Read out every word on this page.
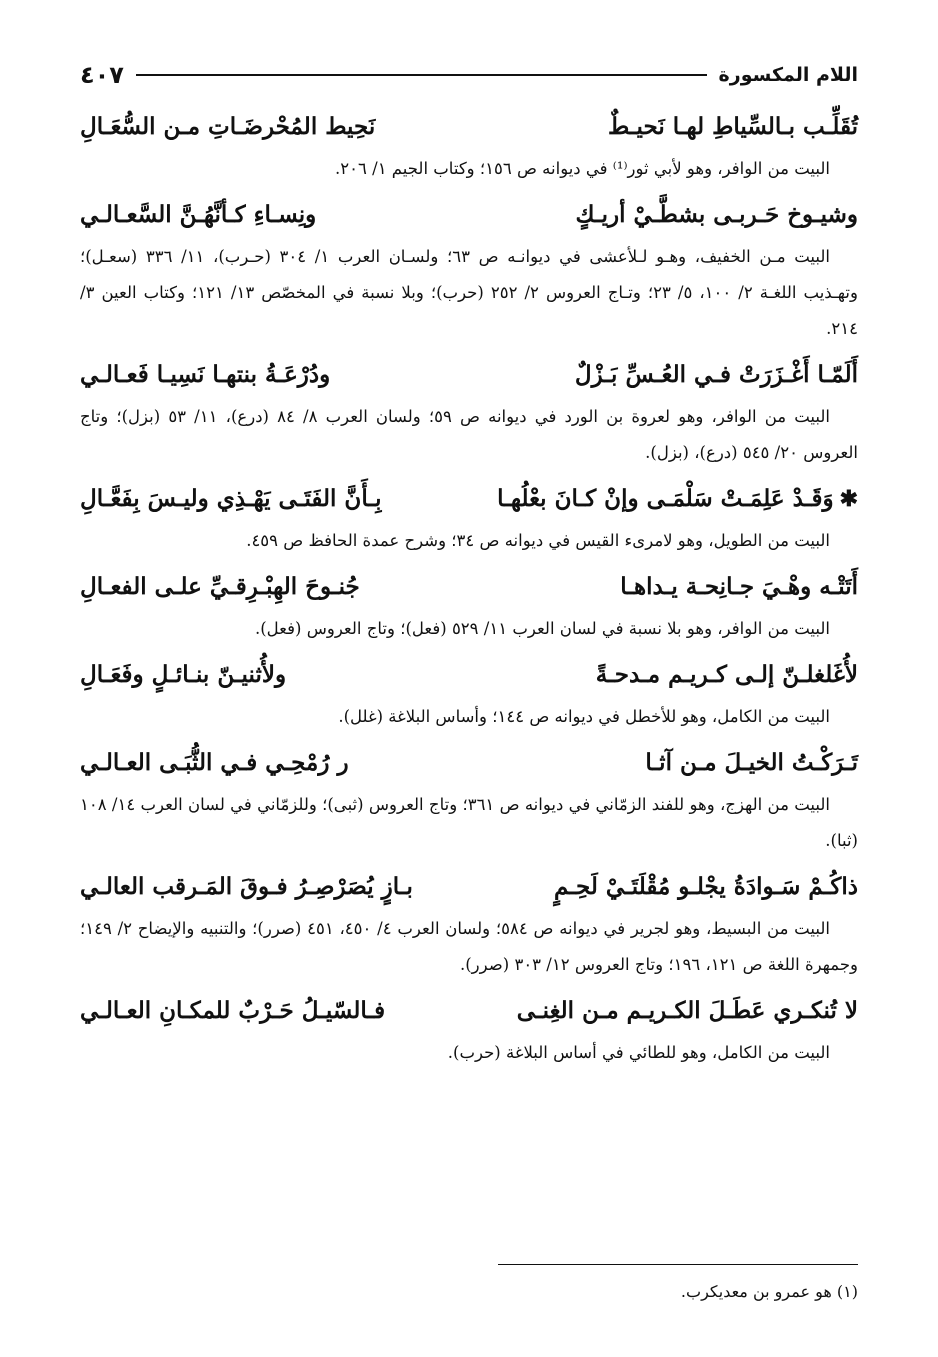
اللام المكسورة
٤٠٧
تُقَلِّـب بـالسِّياطِ لهـا نَحيـطٌ
نَحِيط المُحْرضَـاتِ مـن السُّعَـالِ

البيت من الوافر، وهو لأبي ثور⁽¹⁾ في ديوانه ص ١٥٦؛ وكتاب الجيم ١/ ٢٠٦.

وشيـوخ حَـربـى بشطَّـيْ أريـكٍ
ونِسـاءِ كـأنَّهُـنَّ السَّعـالـي

البيت مـن الخفيف، وهـو لـلأعشى في ديوانـه ص ٦٣؛ ولسـان العرب ١/ ٣٠٤ (حـرب)، ١١/ ٣٣٦ (سعـل)؛ وتهـذيب اللغـة ٢/ ١٠٠، ٥/ ٢٣؛ وتـاج العروس ٢/ ٢٥٢ (حرب)؛ وبلا نسبة في المخصّص ١٣/ ١٢١؛ وكتاب العين ٣/ ٢١٤.

أَلَمّـا أَغْـزَرَتْ فـي العُـسِّ بَـزْلٌ
ودُرْعَـةُ بنتهـا نَسِيـا فَعـالـي

البيت من الوافر، وهو لعروة بن الورد في ديوانه ص ٥٩؛ ولسان العرب ٨/ ٨٤ (درع)، ١١/ ٥٣ (بزل)؛ وتاج العروس ٢٠/ ٥٤٥ (درع)، (بزل).

✱
وَقَـدْ عَلِمَـتْ سَلْمَـى وإنْ كـانَ بعْلُهـا
بِـأَنَّ الفَتَـى يَهْـذِي وليـسَ بِفَعَّـالِ

البيت من الطويل، وهو لامرىء القيس في ديوانه ص ٣٤؛ وشرح عمدة الحافظ ص ٤٥٩.

أَتَتْـه وهْـيَ جـانِحـة يـداهـا
جُنـوحَ الهِبْـرِقـيِّ علـى الفعـالِ

البيت من الوافر، وهو بلا نسبة في لسان العرب ١١/ ٥٢٩ (فعل)؛ وتاج العروس (فعل).

لأُغَلغلـنّ إلـى كـريـم مـدحـةً
ولأُثنيـنّ بنـائـلٍ وفَعَـالِ

البيت من الكامل، وهو للأخطل في ديوانه ص ١٤٤؛ وأساس البلاغة (غلل).

تَـرَكْـتُ الخيـلَ مـن آثـا
ر رُمْحِـي فـي الثُّبَـى العـالـي

البيت من الهزج، وهو للفند الزمّاني في ديوانه ص ٣٦١؛ وتاج العروس (ثبى)؛ وللزمّاني في لسان العرب ١٤/ ١٠٨ (ثبا).

ذاكُـمْ سَـوادَةُ يجْلـو مُقْلَتَـيْ لَحِـمٍ
بـازٍ يُصَرْصِـرُ فـوقَ المَـرقب العالـي

البيت من البسيط، وهو لجرير في ديوانه ص ٥٨٤؛ ولسان العرب ٤/ ٤٥٠، ٤٥١ (صرر)؛ والتنبيه والإيضاح ٢/ ١٤٩؛ وجمهرة اللغة ص ١٢١، ١٩٦؛ وتاج العروس ١٢/ ٣٠٣ (صرر).

لا تُنكـري عَطَـلَ الكـريـم مـن الغِنـى
فـالسّيـلُ حَـرْبٌ للمكـانِ العـالـي

البيت من الكامل، وهو للطائي في أساس البلاغة (حرب).

(١) هو عمرو بن معديكرب.
